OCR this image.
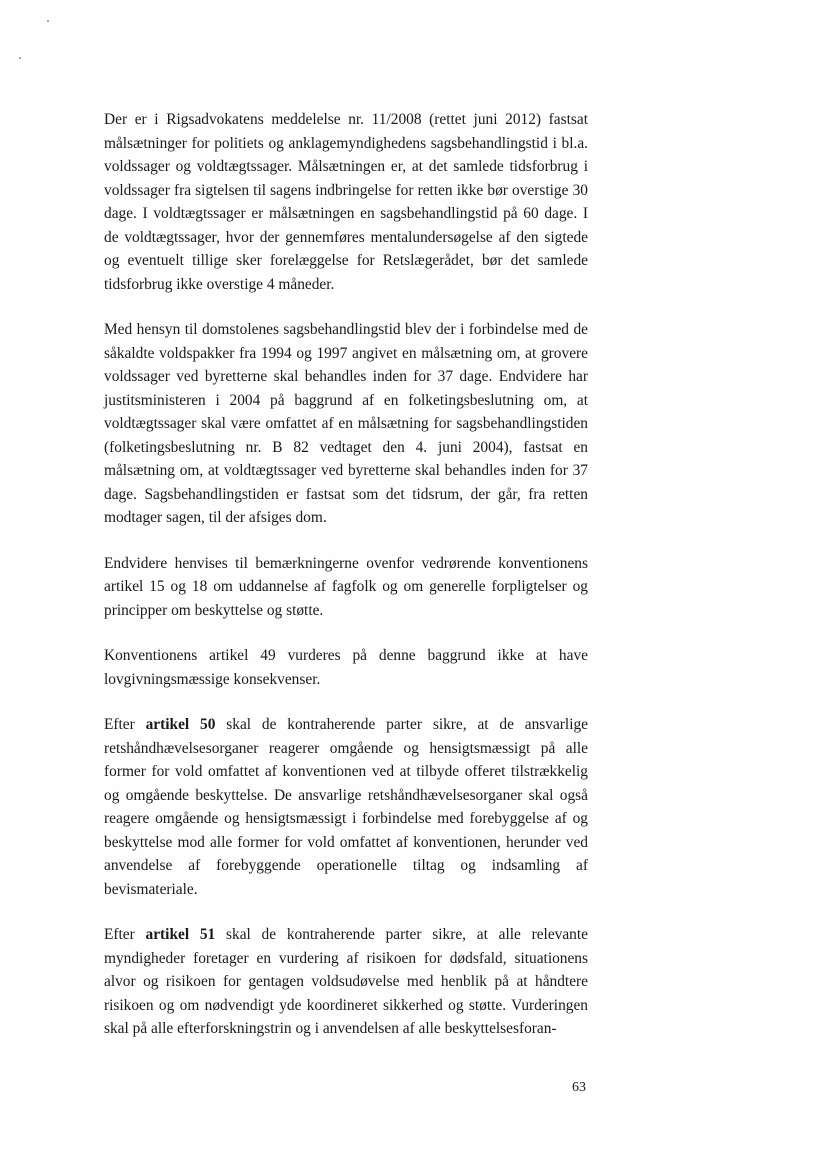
Der er i Rigsadvokatens meddelelse nr. 11/2008 (rettet juni 2012) fastsat målsætninger for politiets og anklagemyndighedens sagsbehandlingstid i bl.a. voldssager og voldtægtssager. Målsætningen er, at det samlede tidsforbrug i voldssager fra sigtelsen til sagens indbringelse for retten ikke bør overstige 30 dage. I voldtægtssager er målsætningen en sagsbehandlingstid på 60 dage. I de voldtægtssager, hvor der gennemføres mentalundersøgelse af den sigtede og eventuelt tillige sker forelæggelse for Retslægerådet, bør det samlede tidsforbrug ikke overstige 4 måneder.

Med hensyn til domstolenes sagsbehandlingstid blev der i forbindelse med de såkaldte voldspakker fra 1994 og 1997 angivet en målsætning om, at grovere voldssager ved byretterne skal behandles inden for 37 dage. Endvidere har justitsministeren i 2004 på baggrund af en folketingsbeslutning om, at voldtægtssager skal være omfattet af en målsætning for sagsbehandlingstiden (folketingsbeslutning nr. B 82 vedtaget den 4. juni 2004), fastsat en målsætning om, at voldtægtssager ved byretterne skal behandles inden for 37 dage. Sagsbehandlingstiden er fastsat som det tidsrum, der går, fra retten modtager sagen, til der afsiges dom.

Endvidere henvises til bemærkningerne ovenfor vedrørende konventionens artikel 15 og 18 om uddannelse af fagfolk og om generelle forpligtelser og principper om beskyttelse og støtte.

Konventionens artikel 49 vurderes på denne baggrund ikke at have lovgivningsmæssige konsekvenser.

Efter artikel 50 skal de kontraherende parter sikre, at de ansvarlige retshåndhævelsesorganer reagerer omgående og hensigtsmæssigt på alle former for vold omfattet af konventionen ved at tilbyde offeret tilstrækkelig og omgående beskyttelse. De ansvarlige retshåndhævelsesorganer skal også reagere omgående og hensigtsmæssigt i forbindelse med forebyggelse af og beskyttelse mod alle former for vold omfattet af konventionen, herunder ved anvendelse af forebyggende operationelle tiltag og indsamling af bevismateriale.

Efter artikel 51 skal de kontraherende parter sikre, at alle relevante myndigheder foretager en vurdering af risikoen for dødsfald, situationens alvor og risikoen for gentagen voldsudøvelse med henblik på at håndtere risikoen og om nødvendigt yde koordineret sikkerhed og støtte. Vurderingen skal på alle efterforskningstrin og i anvendelsen af alle beskyttelsesforan-

63
